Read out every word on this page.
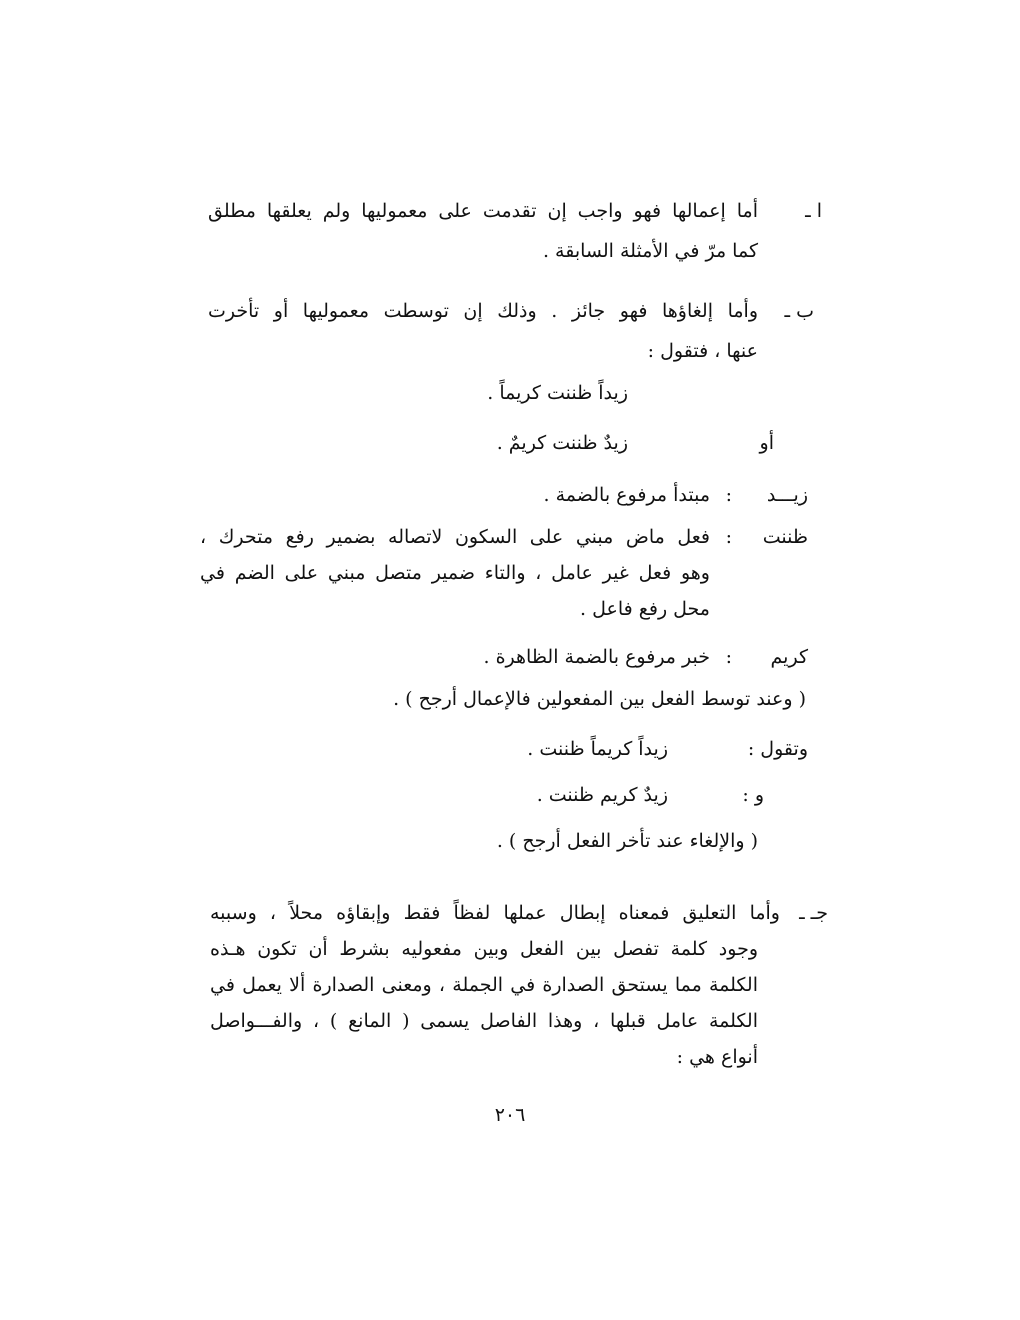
ا ـ
أما إعمالها فهو واجب إن تقدمت على معموليها ولم يعلقها مطلق
كما مرّ في الأمثلة السابقة .
ب ـ
وأما إلغاؤها فهو جائز . وذلك إن توسطت معموليها أو تأخرت
عنها ، فتقول :
زيداً ظننت كريماً .
أو
زيدٌ ظننت كريمٌ .
زيـــد
:
مبتدأ مرفوع بالضمة .
ظننت
:
فعل ماض مبني على السكون لاتصاله بضمير رفع متحرك ،
وهو فعل غير عامل ، والتاء ضمير متصل مبني على الضم في
محل رفع فاعل .
كريم
:
خبر مرفوع بالضمة الظاهرة .
( وعند توسط الفعل بين المفعولين فالإعمال أرجح ) .
وتقول :
زيداً كريماً ظننت .
و :
زيدٌ كريم ظننت .
( والإلغاء عند تأخر الفعل أرجح ) .
جـ ـ
وأما التعليق فمعناه إبطال عملها لفظاً فقط وإبقاؤه محلاً ، وسببه
وجود كلمة تفصل بين الفعل وبين مفعوليه بشرط أن تكون هـذه
الكلمة مما يستحق الصدارة في الجملة ، ومعنى الصدارة ألا يعمل في
الكلمة عامل قبلها ، وهذا الفاصل يسمى ( المانع ) ، والفـــواصل
أنواع هي :
٢٠٦
